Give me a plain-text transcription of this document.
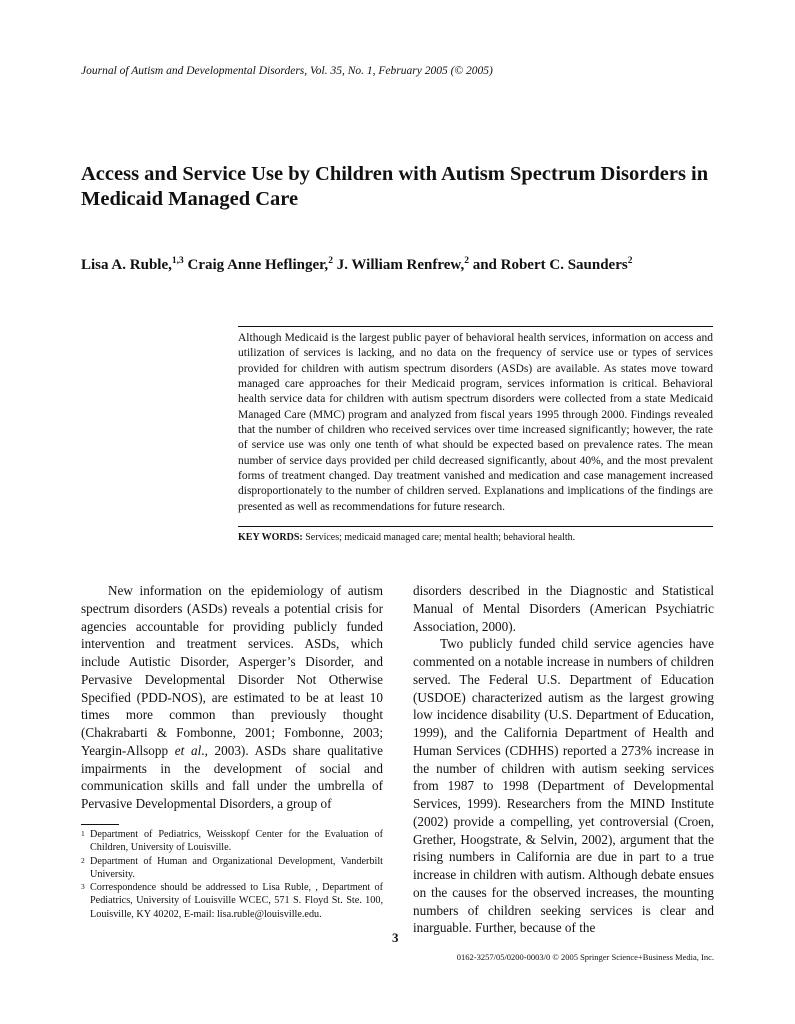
Journal of Autism and Developmental Disorders, Vol. 35, No. 1, February 2005 (© 2005)
Access and Service Use by Children with Autism Spectrum Disorders in Medicaid Managed Care
Lisa A. Ruble,$^{1,3}$ Craig Anne Heflinger,$^2$ J. William Renfrew,$^2$ and Robert C. Saunders$^2$
Although Medicaid is the largest public payer of behavioral health services, information on access and utilization of services is lacking, and no data on the frequency of service use or types of services provided for children with autism spectrum disorders (ASDs) are available. As states move toward managed care approaches for their Medicaid program, services information is critical. Behavioral health service data for children with autism spectrum disorders were collected from a state Medicaid Managed Care (MMC) program and analyzed from fiscal years 1995 through 2000. Findings revealed that the number of children who received services over time increased significantly; however, the rate of service use was only one tenth of what should be expected based on prevalence rates. The mean number of service days provided per child decreased significantly, about 40%, and the most prevalent forms of treatment changed. Day treatment vanished and medication and case management increased disproportionately to the number of children served. Explanations and implications of the findings are presented as well as recommendations for future research.
KEY WORDS: Services; medicaid managed care; mental health; behavioral health.

New information on the epidemiology of autism spectrum disorders (ASDs) reveals a potential crisis for agencies accountable for providing publicly funded intervention and treatment services. ASDs, which include Autistic Disorder, Asperger’s Disorder, and Pervasive Developmental Disorder Not Otherwise Specified (PDD-NOS), are estimated to be at least 10 times more common than previously thought (Chakrabarti & Fombonne, 2001; Fombonne, 2003; Yeargin-Allsopp et al., 2003). ASDs share qualitative impairments in the development of social and communication skills and fall under the umbrella of Pervasive Developmental Disorders, a group of

disorders described in the Diagnostic and Statistical Manual of Mental Disorders (American Psychiatric Association, 2000).

Two publicly funded child service agencies have commented on a notable increase in numbers of children served. The Federal U.S. Department of Education (USDOE) characterized autism as the largest growing low incidence disability (U.S. Department of Education, 1999), and the California Department of Health and Human Services (CDHHS) reported a 273% increase in the number of children with autism seeking services from 1987 to 1998 (Department of Developmental Services, 1999). Researchers from the MIND Institute (2002) provide a compelling, yet controversial (Croen, Grether, Hoogstrate, & Selvin, 2002), argument that the rising numbers in California are due in part to a true increase in children with autism. Although debate ensues on the causes for the observed increases, the mounting numbers of children seeking services is clear and inarguable. Further, because of the

1 Department of Pediatrics, Weisskopf Center for the Evaluation of Children, University of Louisville.
2 Department of Human and Organizational Development, Vanderbilt University.
3 Correspondence should be addressed to Lisa Ruble, , Department of Pediatrics, University of Louisville WCEC, 571 S. Floyd St. Ste. 100, Louisville, KY 40202, E-mail: lisa.ruble@louisville.edu.
3
0162-3257/05/0200-0003/0 © 2005 Springer Science+Business Media, Inc.
